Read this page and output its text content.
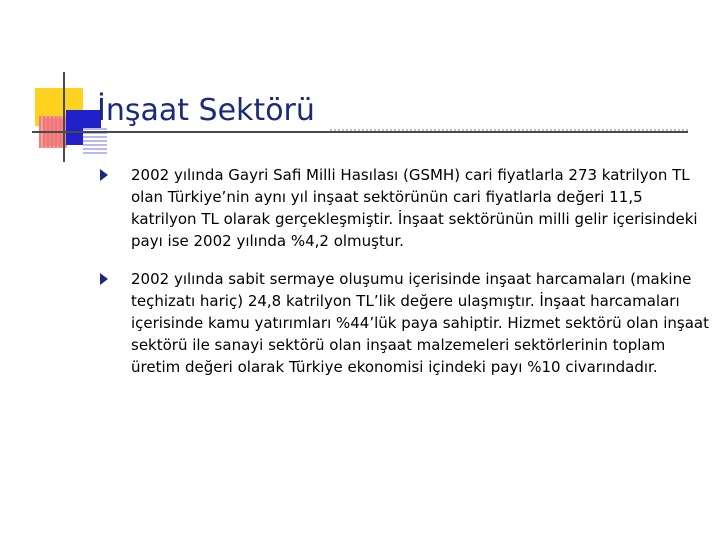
İnşaat Sektörü
2002 yılında Gayri Safi Milli Hasılası (GSMH) cari fiyatlarla 273 katrilyon TL olan Türkiye’nin aynı yıl inşaat sektörünün cari fiyatlarla değeri 11,5 katrilyon TL olarak gerçekleşmiştir. İnşaat sektörünün milli gelir içerisindeki payı ise 2002 yılında %4,2 olmuştur.
2002 yılında sabit sermaye oluşumu içerisinde inşaat harcamaları (makine teçhizatı hariç) 24,8 katrilyon TL’lik değere ulaşmıştır. İnşaat harcamaları içerisinde kamu yatırımları %44’lük paya sahiptir. Hizmet sektörü olan inşaat sektörü ile sanayi sektörü olan inşaat malzemeleri sektörlerinin toplam üretim değeri olarak Türkiye ekonomisi içindeki payı %10 civarındadır.
